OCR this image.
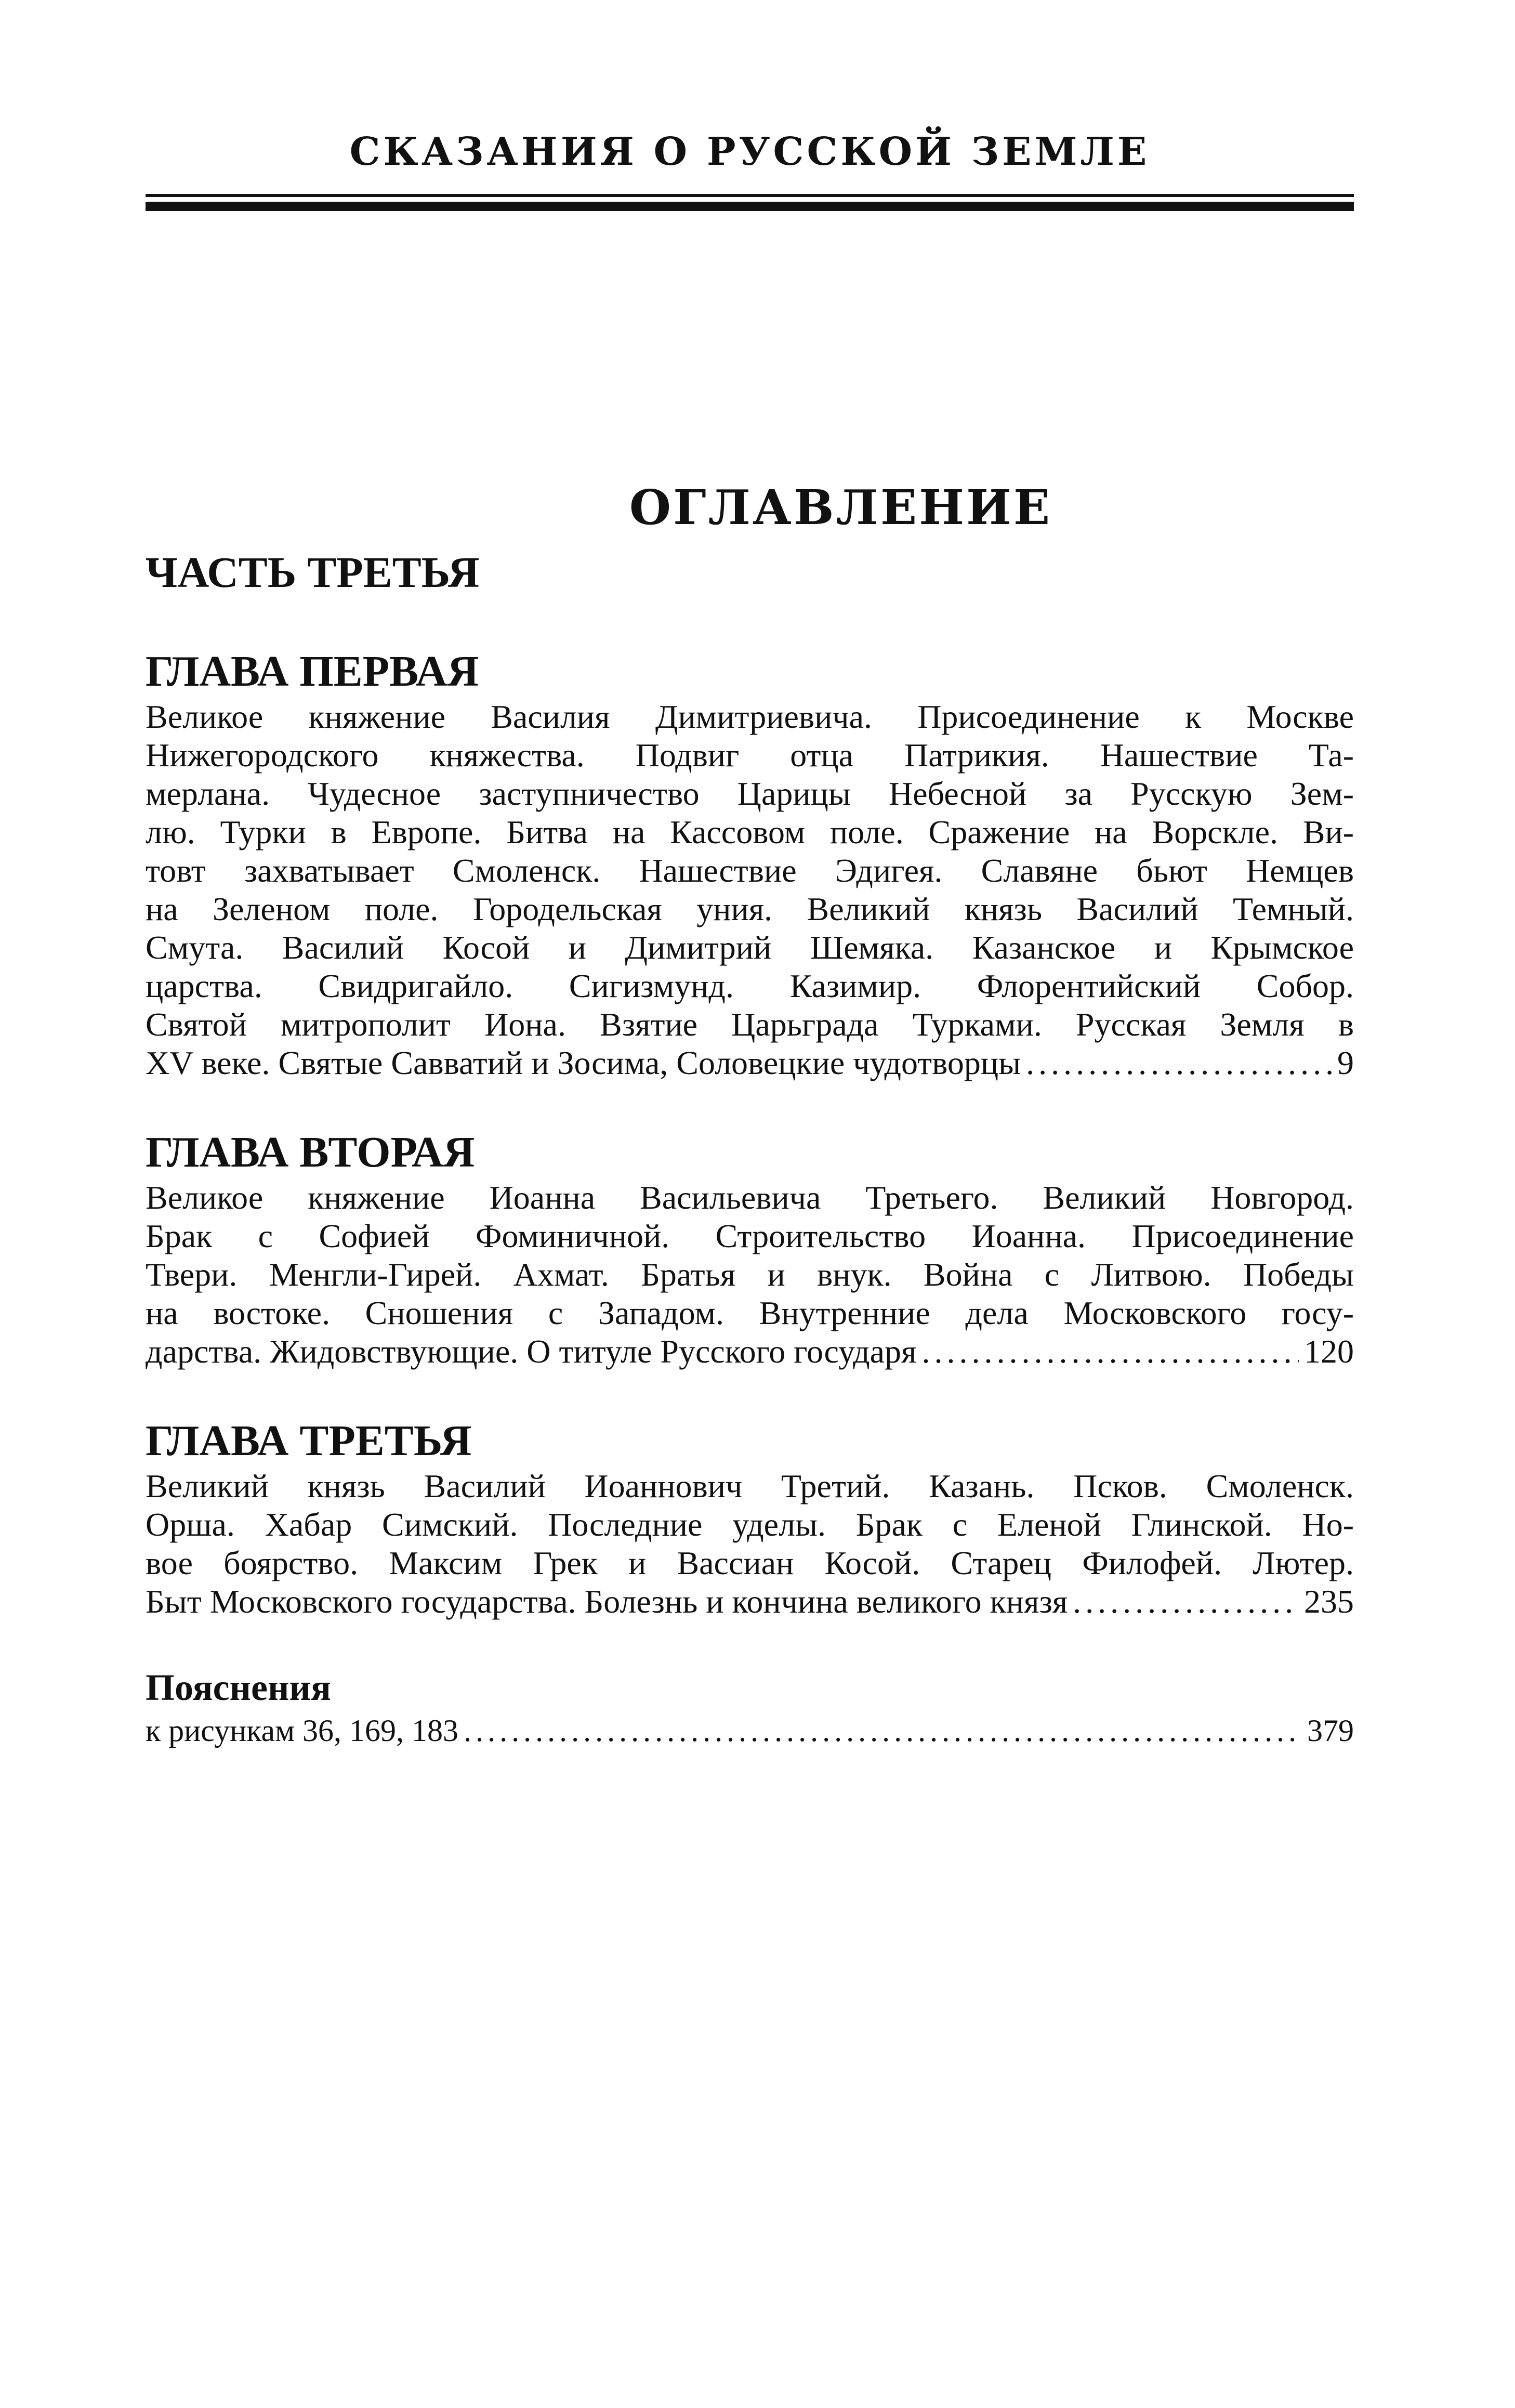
СКАЗАНИЯ О РУССКОЙ ЗЕМЛЕ
ОГЛАВЛЕНИЕ
ЧАСТЬ ТРЕТЬЯ
ГЛАВА ПЕРВАЯ
Великое княжение Василия Димитриевича. Присоединение к Москве
Нижегородского княжества. Подвиг отца Патрикия. Нашествие Та-
мерлана. Чудесное заступничество Царицы Небесной за Русскую Зем-
лю. Турки в Европе. Битва на Кассовом поле. Сражение на Ворскле. Ви-
товт захватывает Смоленск. Нашествие Эдигея. Славяне бьют Немцев
на Зеленом поле. Городельская уния. Великий князь Василий Темный.
Смута. Василий Косой и Димитрий Шемяка. Казанское и Крымское
царства. Свидригайло. Сигизмунд. Казимир. Флорентийский Собор.
Святой митрополит Иона. Взятие Царьграда Турками. Русская Земля в
XV веке. Святые Савватий и Зосима, Соловецкие чудотворцы .....	9
ГЛАВА ВТОРАЯ
Великое княжение Иоанна Васильевича Третьего. Великий Новгород.
Брак с Софией Фоминичной. Строительство Иоанна. Присоединение
Твери. Менгли-Гирей. Ахмат. Братья и внук. Война с Литвою. Победы
на востоке. Сношения с Западом. Внутренние дела Московского госу-
дарства. Жидовствующие. О титуле Русского государя .....	120
ГЛАВА ТРЕТЬЯ
Великий князь Василий Иоаннович Третий. Казань. Псков. Смоленск.
Орша. Хабар Симский. Последние уделы. Брак с Еленой Глинской. Но-
вое боярство. Максим Грек и Вассиан Косой. Старец Филофей. Лютер.
Быт Московского государства. Болезнь и кончина великого князя .....	235
Пояснения
к рисункам 36, 169, 183 .....	379
